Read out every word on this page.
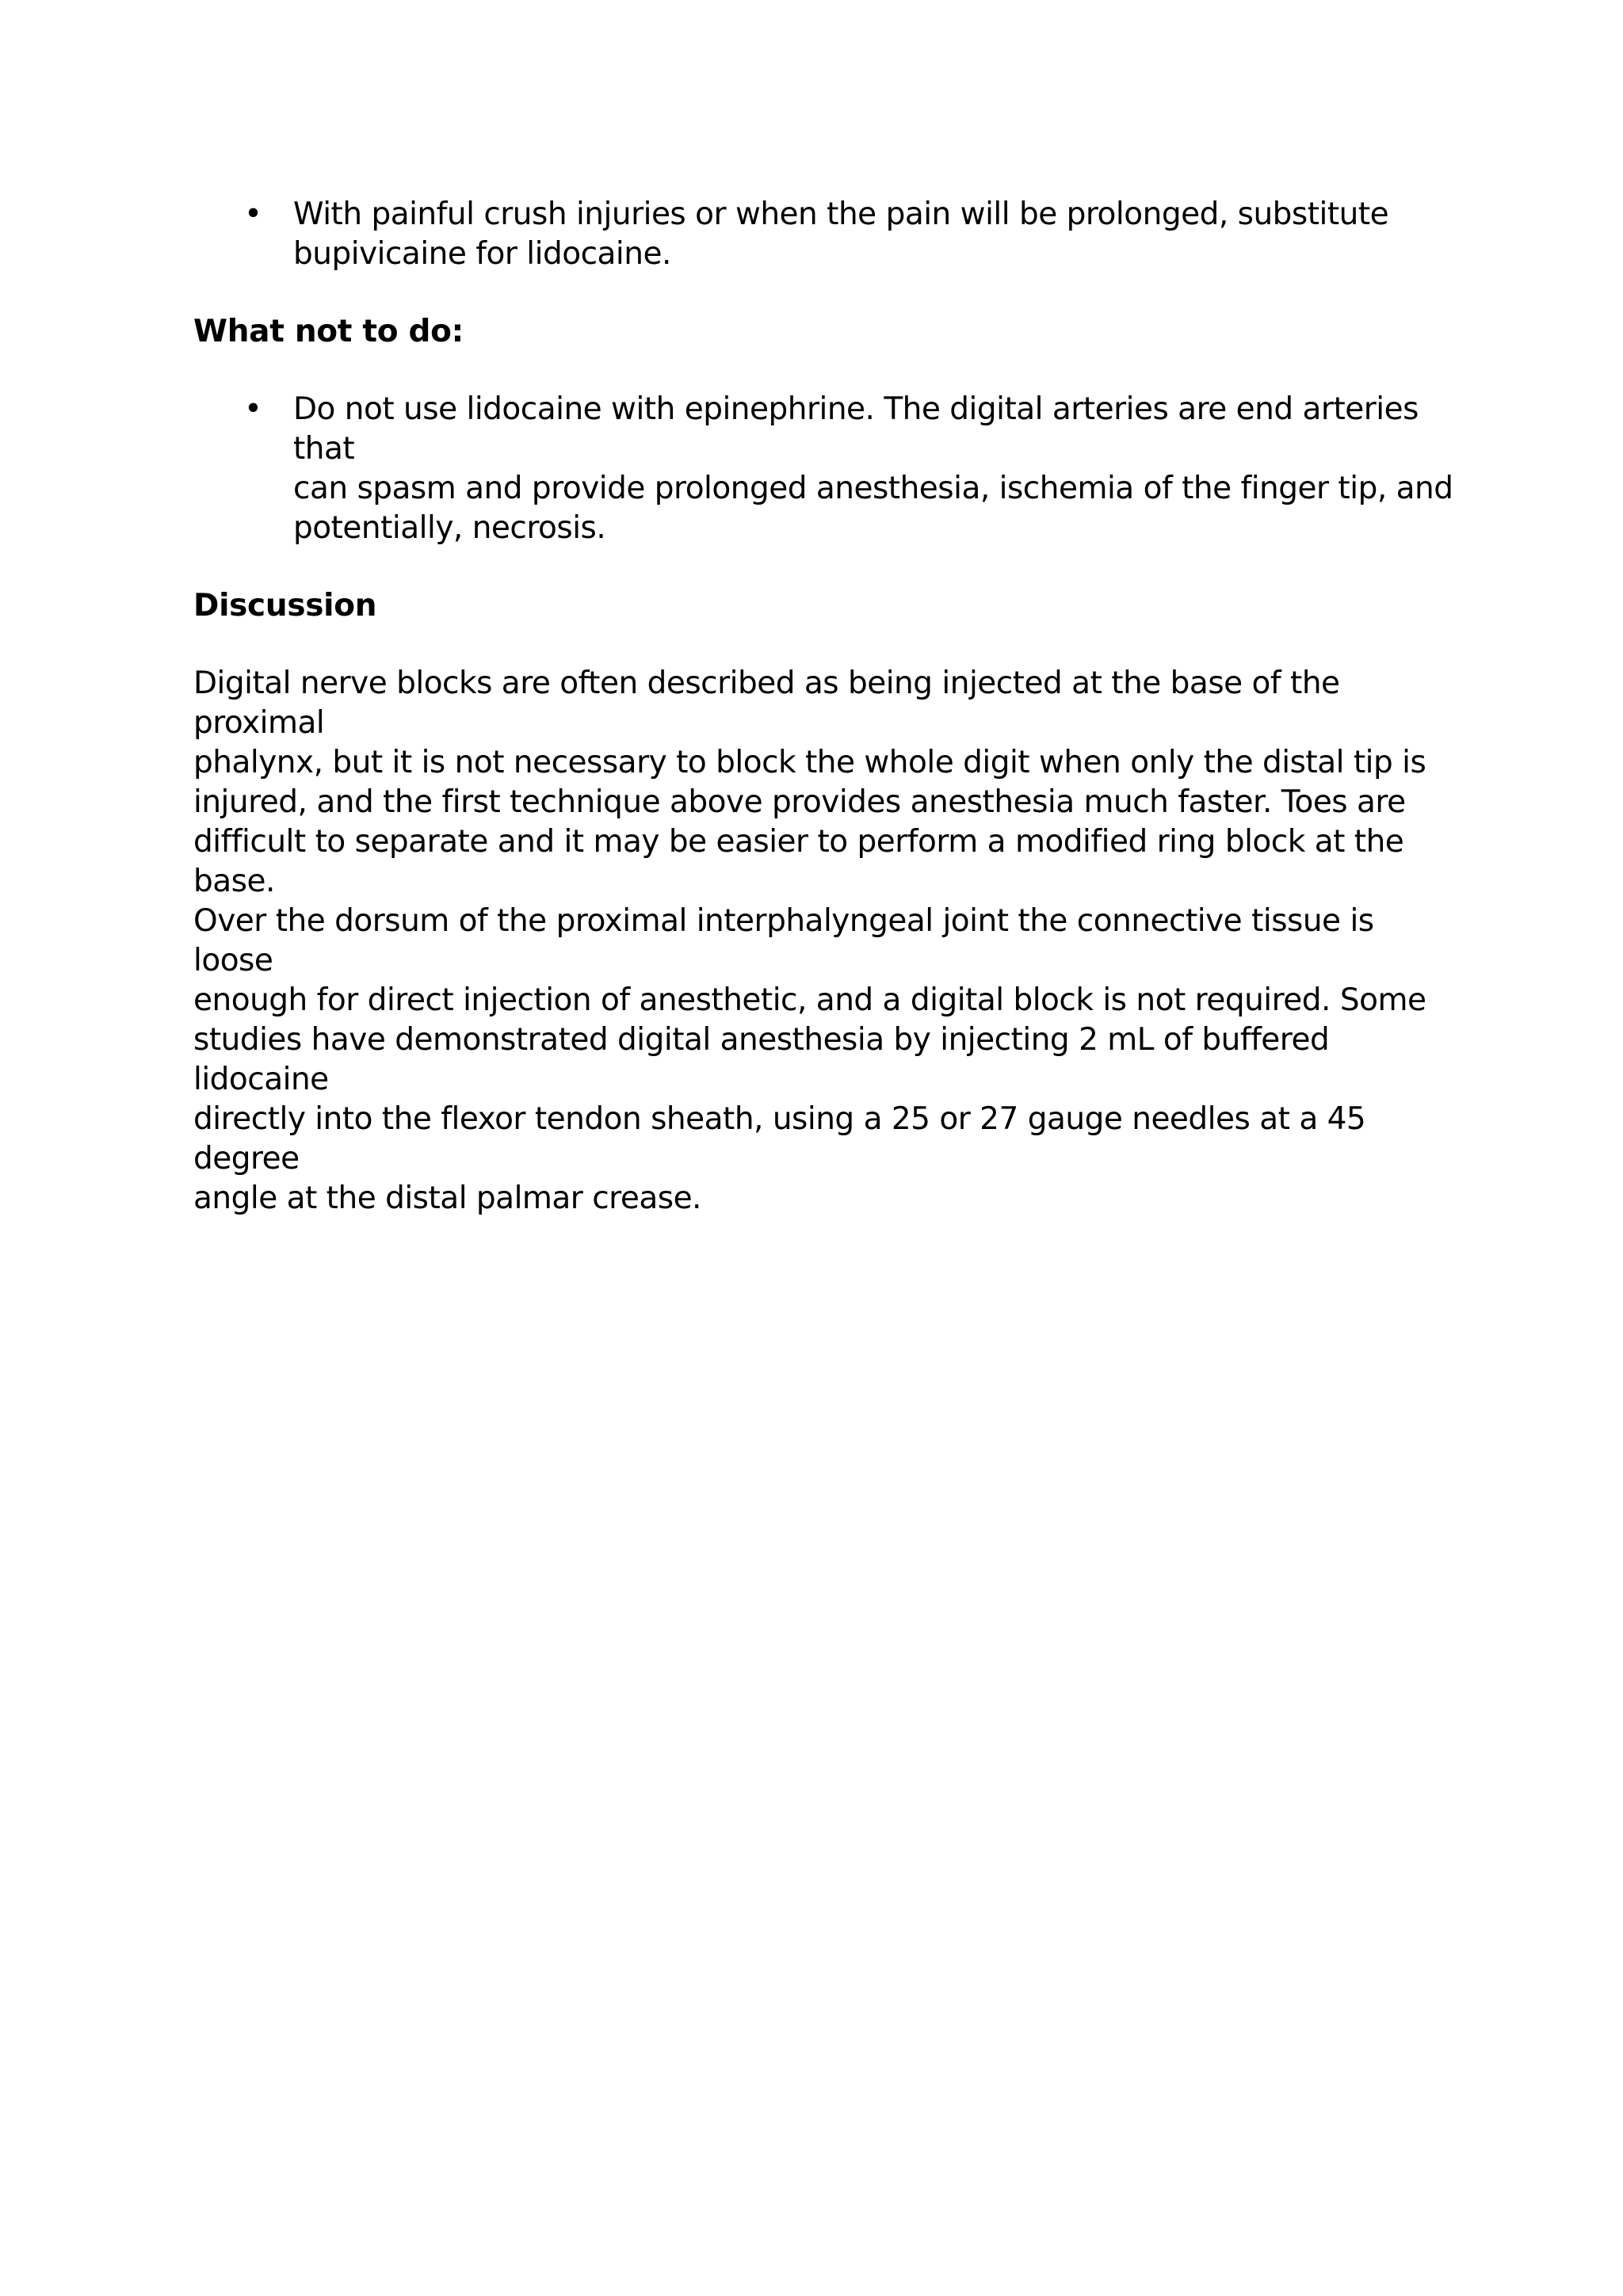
• With painful crush injuries or when the pain will be prolonged, substitute
bupivicaine for lidocaine.

What not to do:

• Do not use lidocaine with epinephrine. The digital arteries are end arteries that
can spasm and provide prolonged anesthesia, ischemia of the finger tip, and
potentially, necrosis.

Discussion

Digital nerve blocks are often described as being injected at the base of the proximal
phalynx, but it is not necessary to block the whole digit when only the distal tip is
injured, and the first technique above provides anesthesia much faster. Toes are
difficult to separate and it may be easier to perform a modified ring block at the base.
Over the dorsum of the proximal interphalyngeal joint the connective tissue is loose
enough for direct injection of anesthetic, and a digital block is not required. Some
studies have demonstrated digital anesthesia by injecting 2 mL of buffered lidocaine
directly into the flexor tendon sheath, using a 25 or 27 gauge needles at a 45 degree
angle at the distal palmar crease.
